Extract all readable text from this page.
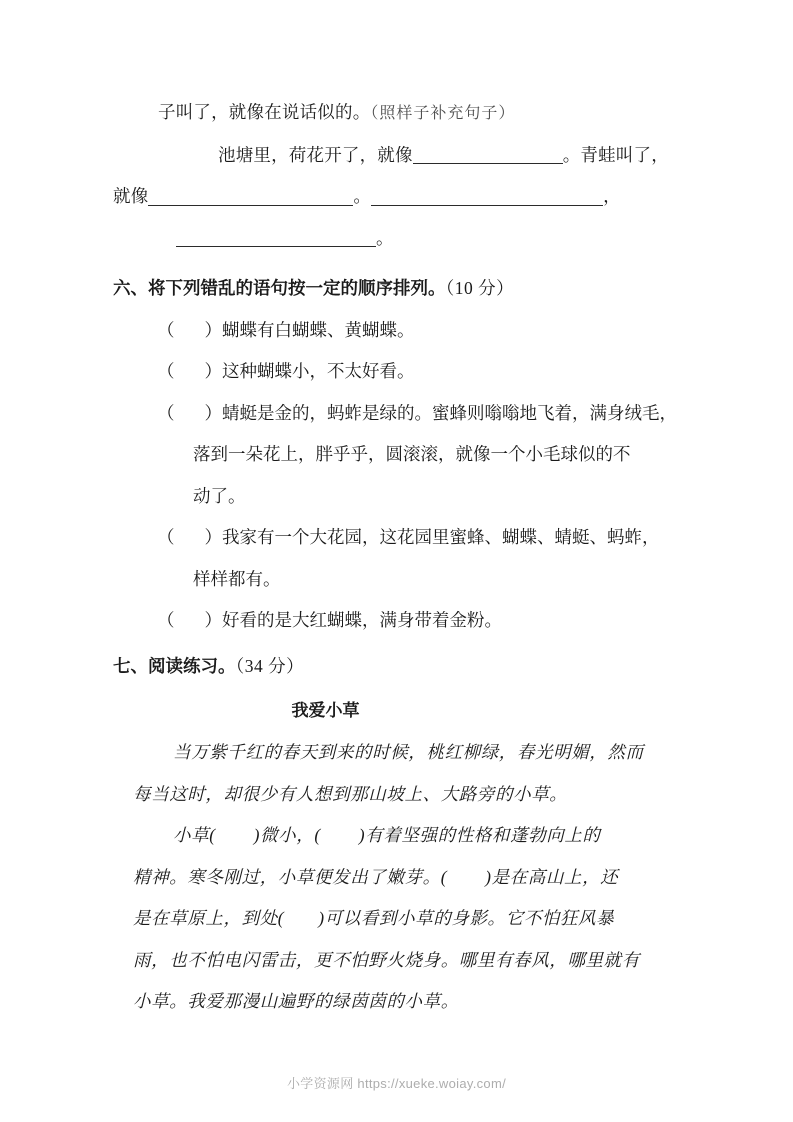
子叫了，就像在说话似的。（照样子补充句子）
池塘里，荷花开了，就像	。青蛙叫了，
就像	。	，
。
六、将下列错乱的语句按一定的顺序排列。（10 分）
（ ）蝴蝶有白蝴蝶、黄蝴蝶。
（ ）这种蝴蝶小，不太好看。
（ ）蜻蜓是金的，蚂蚱是绿的。蜜蜂则嗡嗡地飞着，满身绒毛，
落到一朵花上，胖乎乎，圆滚滚，就像一个小毛球似的不
动了。
（ ）我家有一个大花园，这花园里蜜蜂、蝴蝶、蜻蜓、蚂蚱，
样样都有。
（ ）好看的是大红蝴蝶，满身带着金粉。
七、阅读练习。（34 分）
我爱小草
当万紫千红的春天到来的时候，桃红柳绿，春光明媚，然而
每当这时，却很少有人想到那山坡上、大路旁的小草。
小草( )微小，( )有着坚强的性格和蓬勃向上的
精神。寒冬刚过，小草便发出了嫩芽。( )是在高山上，还
是在草原上，到处( )可以看到小草的身影。它不怕狂风暴
雨，也不怕电闪雷击，更不怕野火烧身。哪里有春风，哪里就有
小草。我爱那漫山遍野的绿茵茵的小草。
小学资源网 https://xueke.woiay.com/
